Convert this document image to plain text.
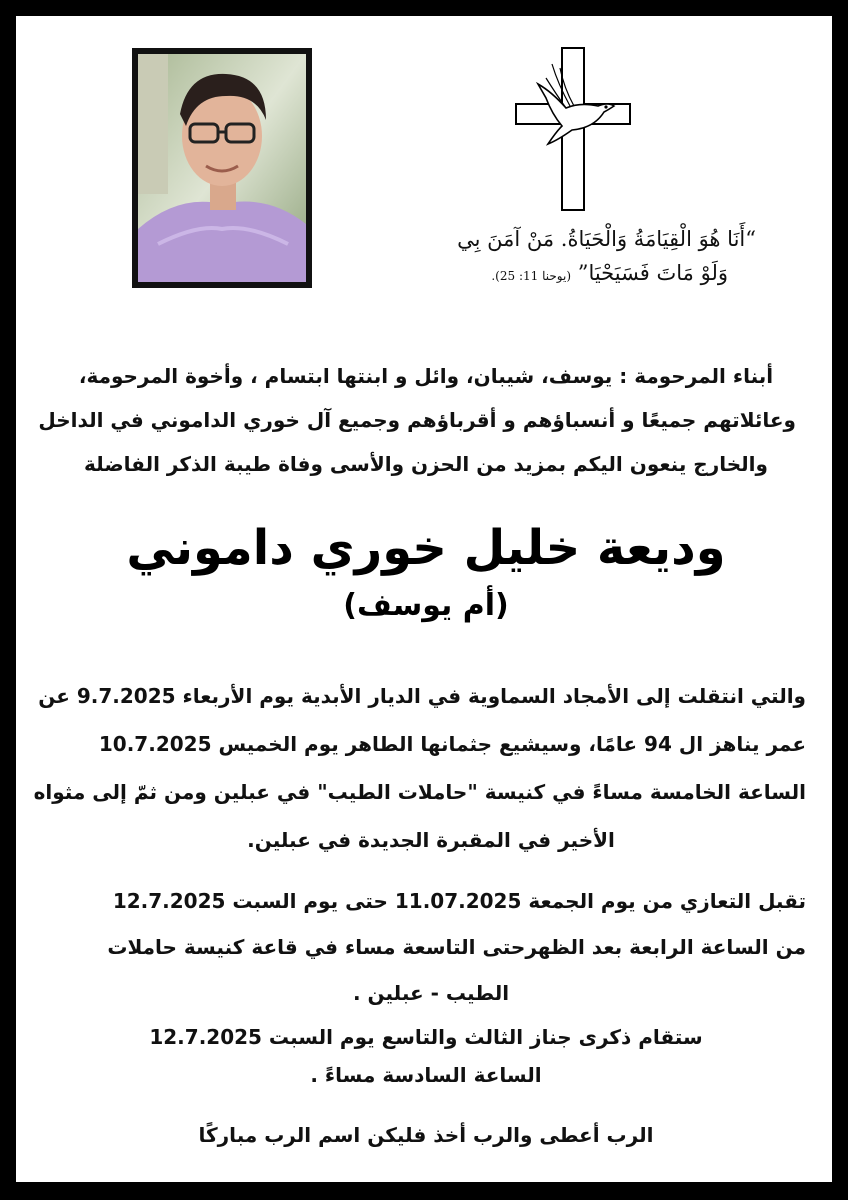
“أَنَا هُوَ الْقِيَامَةُ وَالْحَيَاةُ. مَنْ آمَنَ بِي
وَلَوْ مَاتَ فَسَيَحْيَا” (يوحنا 11: 25).
أبناء المرحومة : يوسف، شيبان، وائل و ابنتها ابتسام ، وأخوة المرحومة،
وعائلاتهم جميعًا و أنسباؤهم و أقرباؤهم وجميع آل خوري الداموني في الداخل
والخارج ينعون اليكم بمزيد من الحزن والأسى وفاة طيبة الذكر الفاضلة
وديعة خليل خوري داموني
(أم يوسف)
والتي انتقلت إلى الأمجاد السماوية في الديار الأبدية يوم الأربعاء 9.7.2025 عن
عمر يناهز ال 94 عامًا، وسيشيع جثمانها الطاهر يوم الخميس 10.7.2025
الساعة الخامسة مساءً في كنيسة "حاملات الطيب" في عبلين ومن ثمّ إلى مثواه
الأخير في المقبرة الجديدة في عبلين.
تقبل التعازي من يوم الجمعة 11.07.2025 حتى يوم السبت 12.7.2025
من الساعة الرابعة بعد الظهرحتى التاسعة مساء في قاعة كنيسة حاملات
الطيب - عبلين .
ستقام ذكرى جناز الثالث والتاسع يوم السبت 12.7.2025
الساعة السادسة مساءً .
الرب أعطى والرب أخذ فليكن اسم الرب مباركًا
